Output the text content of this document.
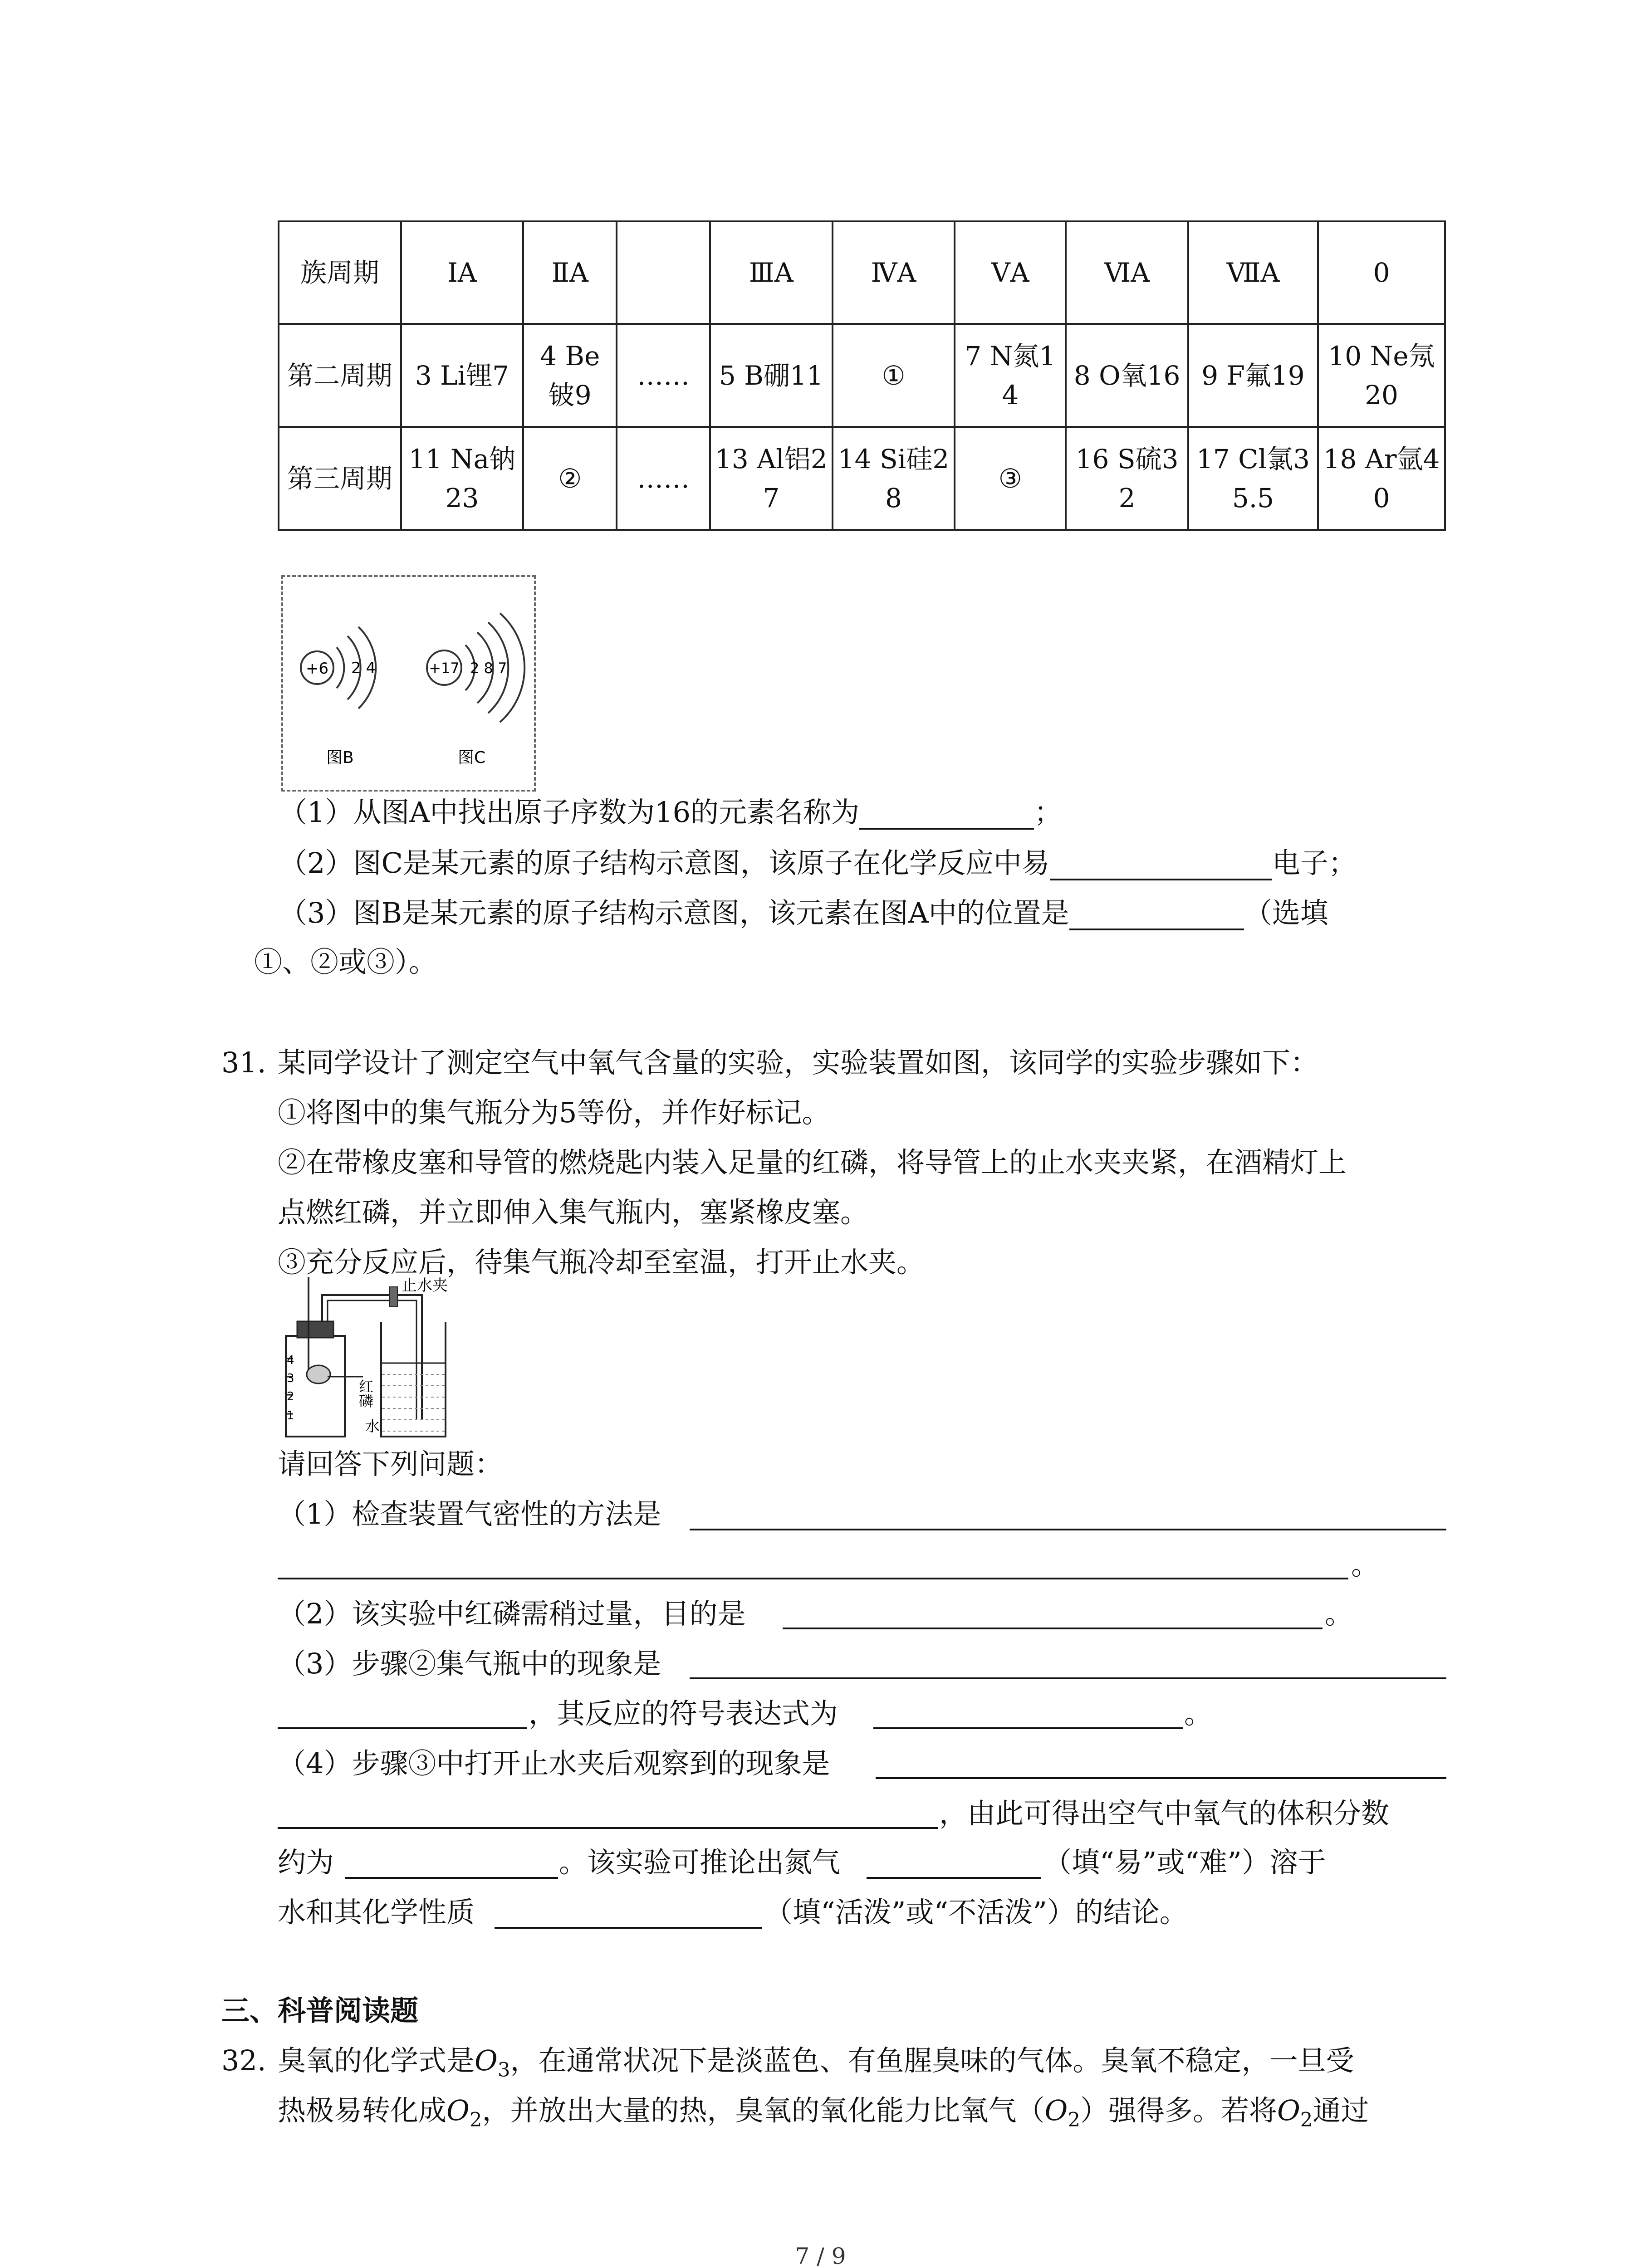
族周期	ⅠA	ⅡA		ⅢA	ⅣA	ⅤA	ⅥA	ⅦA	0
第二周期	3 Li锂7	4 Be铍9	……	5 B硼11	①	7 N氮14	8 O氧16	9 F氟19	10 Ne氖20
第三周期	11 Na钠23	②	……	13 Al铝27	14 Si硅28	③	16 S硫32	17 Cl氯35.5	18 Ar氩40
+6 2 4
图B
+17 2 8 7
图C
（1）从图A中找出原子序数为16的元素名称为	；
（2）图C是某元素的原子结构示意图，该原子在化学反应中易	电子；
（3）图B是某元素的原子结构示意图，该元素在图A中的位置是	（选填
①、②或③）。
31. 某同学设计了测定空气中氧气含量的实验，实验装置如图，该同学的实验步骤如下：
①将图中的集气瓶分为5等份，并作好标记。
②在带橡皮塞和导管的燃烧匙内装入足量的红磷，将导管上的止水夹夹紧，在酒精灯上
点燃红磷，并立即伸入集气瓶内，塞紧橡皮塞。
③充分反应后，待集气瓶冷却至室温，打开止水夹。
4
3
2
1
止水夹
红磷
水
请回答下列问题：
（1）检查装置气密性的方法是
。
（2）该实验中红磷需稍过量，目的是	。
（3）步骤②集气瓶中的现象是
，其反应的符号表达式为	。
（4）步骤③中打开止水夹后观察到的现象是
，由此可得出空气中氧气的体积分数
约为	。该实验可推论出氮气	（填“易”或“难”）溶于
水和其化学性质	（填“活泼”或“不活泼”）的结论。
三、科普阅读题
32. 臭氧的化学式是$O_3$，在通常状况下是淡蓝色、有鱼腥臭味的气体。臭氧不稳定，一旦受
热极易转化成$O_2$，并放出大量的热，臭氧的氧化能力比氧气$(O_2)$强得多。若将$O_2$通过
7 / 9
